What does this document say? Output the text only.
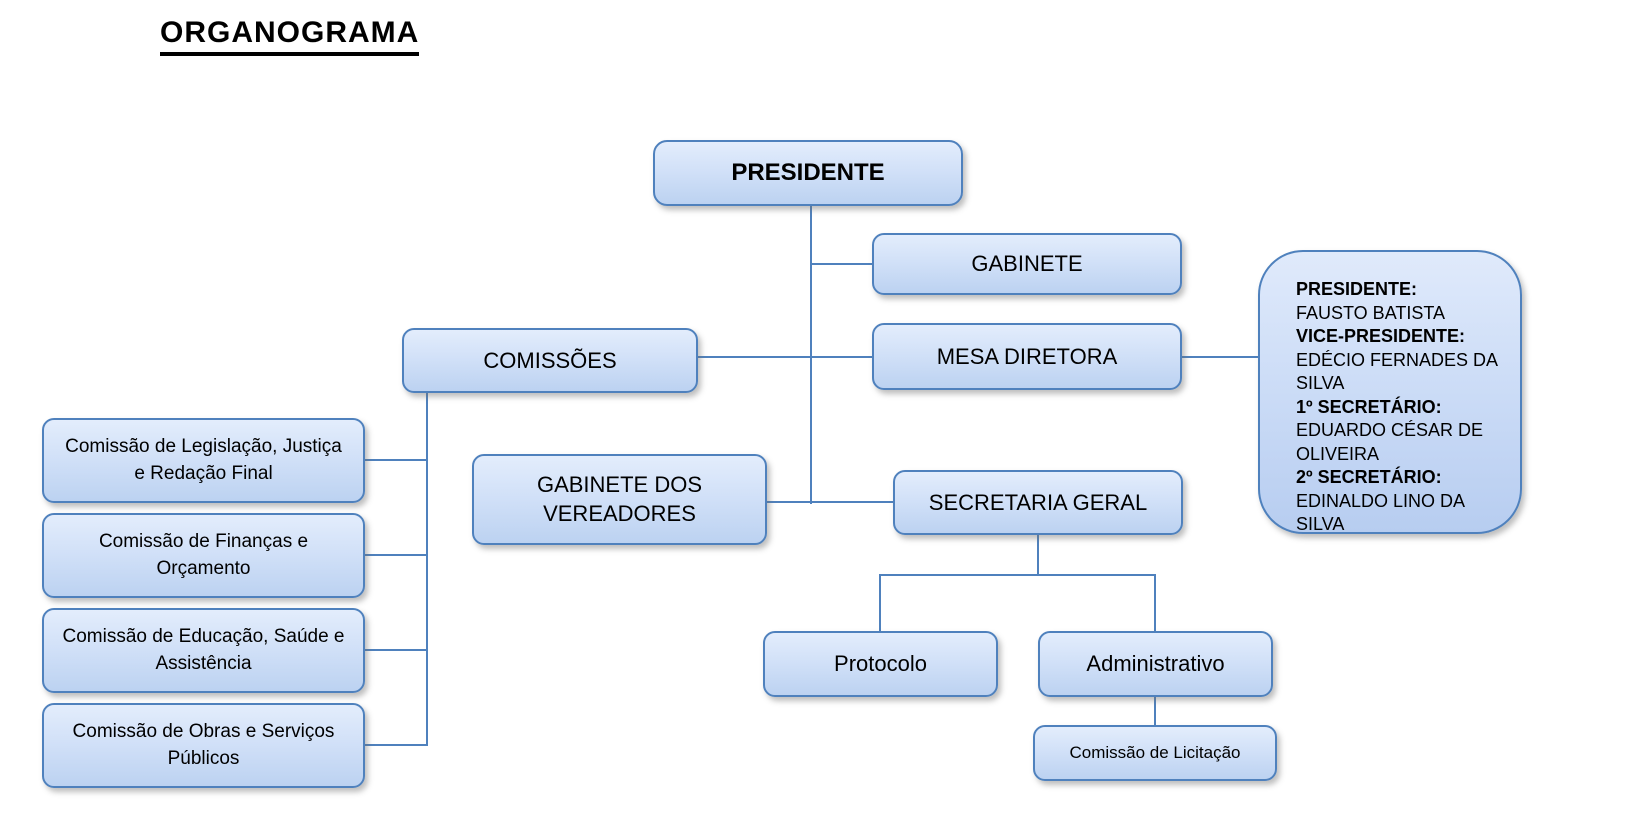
ORGANOGRAMA
PRESIDENTE
GABINETE
MESA DIRETORA
COMISSÕES
GABINETE DOS VEREADORES	SECRETARIA GERAL
Protocolo	Administrativo
Comissão de Licitação
Comissão de Legislação, Justiça e Redação Final
Comissão de Finanças e Orçamento
Comissão de Educação, Saúde e Assistência
Comissão de Obras e Serviços Públicos
PRESIDENTE:
FAUSTO BATISTA
VICE-PRESIDENTE:
EDÉCIO FERNADES DA SILVA
1º SECRETÁRIO:
EDUARDO CÉSAR DE OLIVEIRA
2º SECRETÁRIO:
EDINALDO LINO DA SILVA
